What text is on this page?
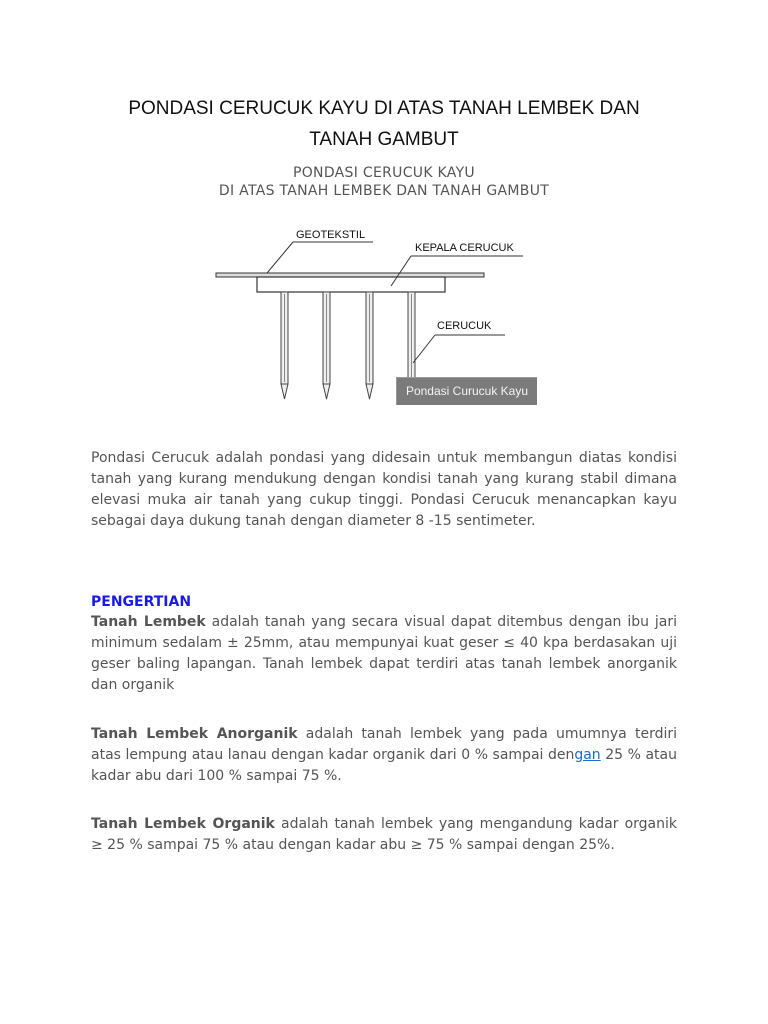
PONDASI CERUCUK KAYU DI ATAS TANAH LEMBEK DAN TANAH GAMBUT
PONDASI CERUCUK KAYU
DI ATAS TANAH LEMBEK DAN TANAH GAMBUT
GEOTEKSTIL
KEPALA CERUCUK
CERUCUK
Pondasi Curucuk Kayu

Pondasi Cerucuk adalah pondasi yang didesain untuk membangun diatas kondisi tanah yang kurang mendukung dengan kondisi tanah yang kurang stabil dimana elevasi muka air tanah yang cukup tinggi. Pondasi Cerucuk menancapkan kayu sebagai daya dukung tanah dengan diameter 8 -15 sentimeter.

PENGERTIAN

Tanah Lembek adalah tanah yang secara visual dapat ditembus dengan ibu jari minimum sedalam ± 25mm, atau mempunyai kuat geser ≤ 40 kpa berdasakan uji geser baling lapangan. Tanah lembek dapat terdiri atas tanah lembek anorganik dan organik

Tanah Lembek Anorganik adalah tanah lembek yang pada umumnya terdiri atas lempung atau lanau dengan kadar organik dari 0 % sampai dengan 25 % atau kadar abu dari 100 % sampai 75 %.

Tanah Lembek Organik adalah tanah lembek yang mengandung kadar organik ≥ 25 % sampai 75 % atau dengan kadar abu ≥ 75 % sampai dengan 25%.
